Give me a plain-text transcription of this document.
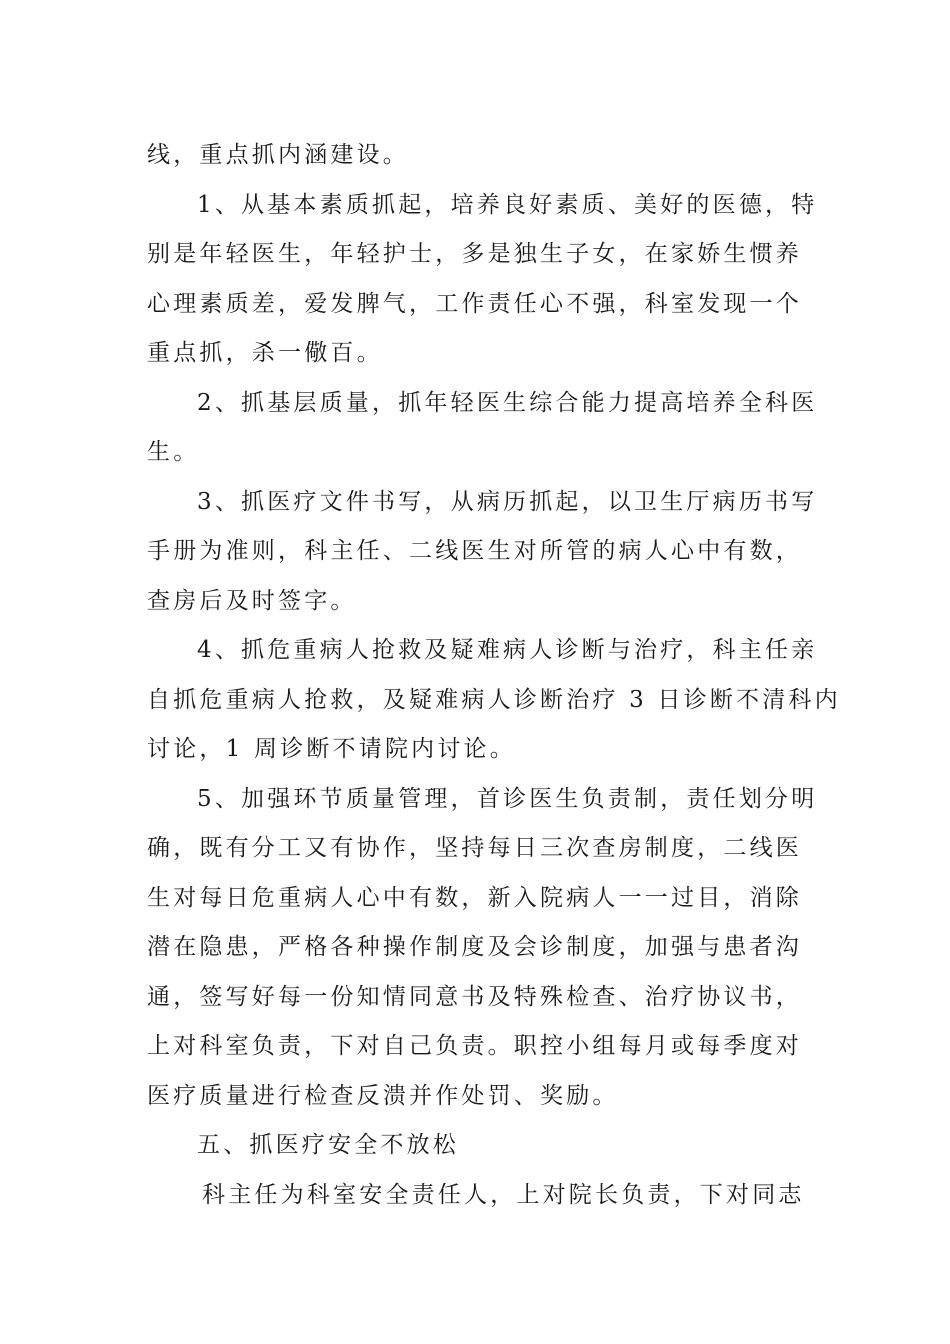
线，重点抓内涵建设。
1、从基本素质抓起，培养良好素质、美好的医德，特
别是年轻医生，年轻护士，多是独生子女，在家娇生惯养
心理素质差，爱发脾气，工作责任心不强，科室发现一个
重点抓，杀一儆百。
2、抓基层质量，抓年轻医生综合能力提高培养全科医
生。
3、抓医疗文件书写，从病历抓起，以卫生厅病历书写
手册为准则，科主任、二线医生对所管的病人心中有数，
查房后及时签字。
4、抓危重病人抢救及疑难病人诊断与治疗，科主任亲
自抓危重病人抢救，及疑难病人诊断治疗 3 日诊断不清科内
讨论，1 周诊断不请院内讨论。
5、加强环节质量管理，首诊医生负责制，责任划分明
确，既有分工又有协作，坚持每日三次查房制度，二线医
生对每日危重病人心中有数，新入院病人一一过目，消除
潜在隐患，严格各种操作制度及会诊制度，加强与患者沟
通，签写好每一份知情同意书及特殊检查、治疗协议书，
上对科室负责，下对自己负责。职控小组每月或每季度对
医疗质量进行检查反溃并作处罚、奖励。
五、抓医疗安全不放松
科主任为科室安全责任人，上对院长负责，下对同志
